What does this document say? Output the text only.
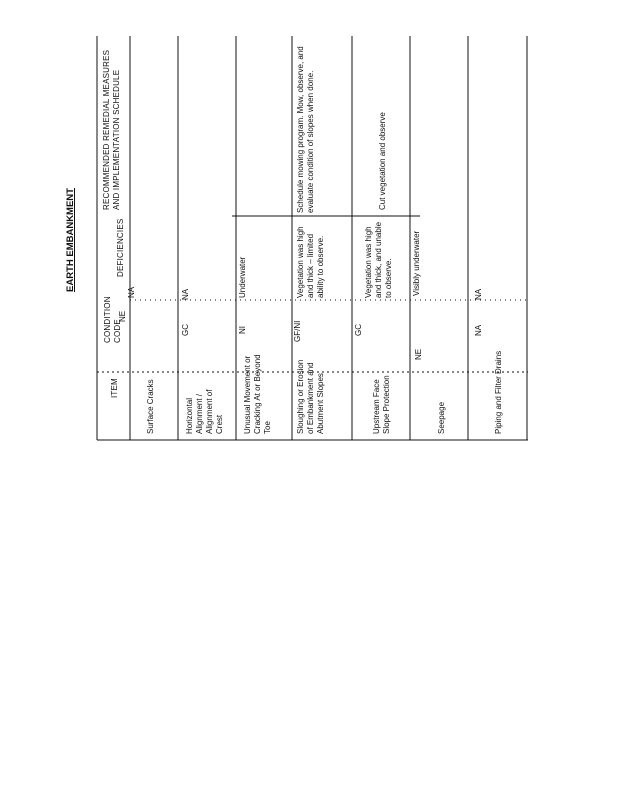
EARTH EMBANKMENT
ITEM
CONDITION CODE
DEFICIENCIES
RECOMMENDED REMEDIAL MEASURES AND IMPLEMENTATION SCHEDULE
Surface Cracks
NE
NA
Horizontal Alignment / Alignment of Crest
GC
NA
Unusual Movement or Cracking At or Beyond Toe
NI
Underwater
Sloughing or Erosion of Embankment and Abutment Slopes
GF/NI
Vegetation was high and thick – limited ability to observe.
Schedule mowing program. Mow, observe, and evaluate condition of slopes when done.
Upstream Face Slope Protection
GC
Vegetation was high and thick, and unable to observe.
Cut vegetation and observe
Seepage
NE
Visibly underwater
Piping and Filter Drains
NA
NA
